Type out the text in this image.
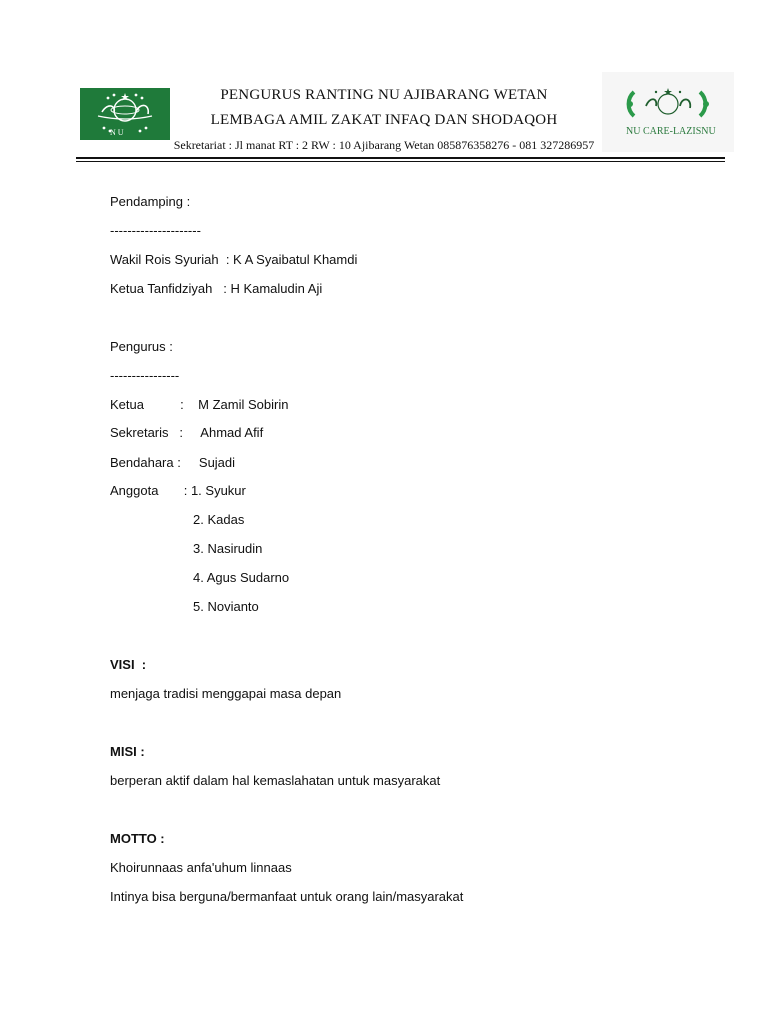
N U
PENGURUS RANTING NU AJIBARANG WETAN
LEMBAGA AMIL ZAKAT INFAQ DAN SHODAQOH
Sekretariat : Jl manat RT : 2 RW : 10 Ajibarang Wetan 085876358276 - 081 327286957
NU CARE-LAZISNU
Pendamping :
---------------------
Wakil Rois Syuriah  : K A Syaibatul Khamdi
Ketua Tanfidziyah   : H Kamaludin Aji
Pengurus :
----------------
Ketua          :    M Zamil Sobirin
Sekretaris   :     Ahmad Afif
Bendahara :     Sujadi
Anggota       : 1. Syukur
2. Kadas
3. Nasirudin
4. Agus Sudarno
5. Novianto
VISI  :
menjaga tradisi menggapai masa depan
MISI :
berperan aktif dalam hal kemaslahatan untuk masyarakat
MOTTO :
Khoirunnaas anfa'uhum linnaas
Intinya bisa berguna/bermanfaat untuk orang lain/masyarakat
